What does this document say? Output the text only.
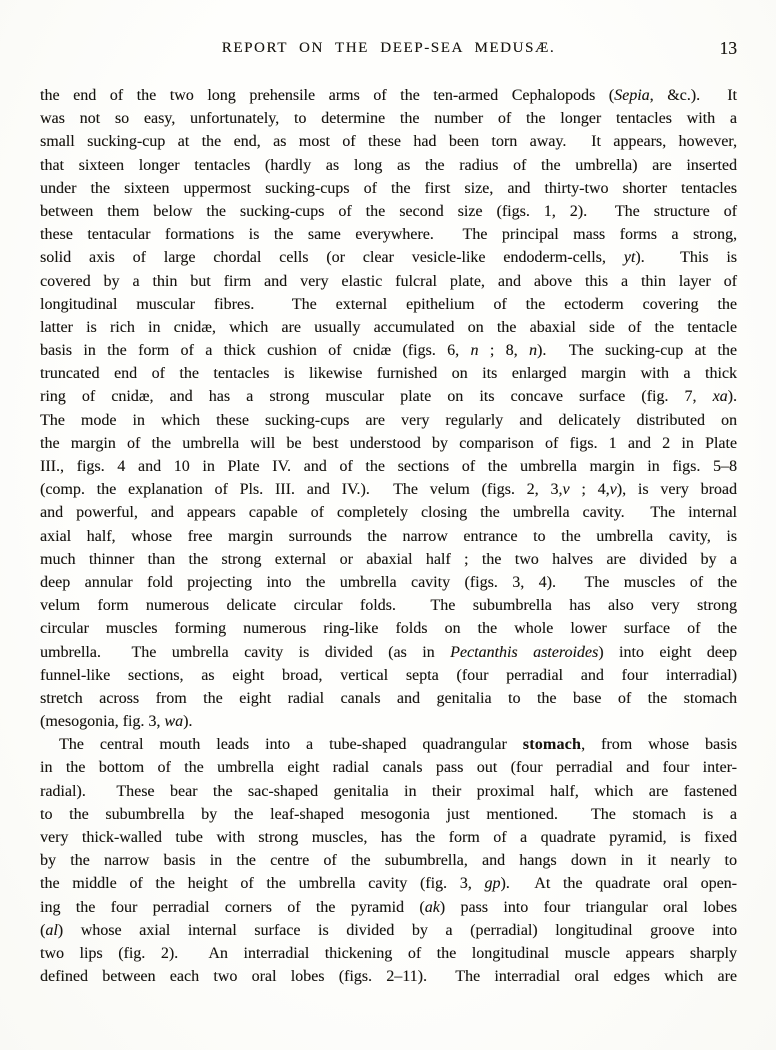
REPORT ON THE DEEP-SEA MEDUSÆ.	13
the end of the two long prehensile arms of the ten-armed Cephalopods (Sepia, &c.).  It
was not so easy, unfortunately, to determine the number of the longer tentacles with a
small sucking-cup at the end, as most of these had been torn away.  It appears, however,
that sixteen longer tentacles (hardly as long as the radius of the umbrella) are inserted
under the sixteen uppermost sucking-cups of the first size, and thirty-two shorter tentacles
between them below the sucking-cups of the second size (figs. 1, 2).  The structure of
these tentacular formations is the same everywhere.  The principal mass forms a strong,
solid axis of large chordal cells (or clear vesicle-like endoderm-cells, yt).  This is
covered by a thin but firm and very elastic fulcral plate, and above this a thin layer of
longitudinal muscular fibres.  The external epithelium of the ectoderm covering the
latter is rich in cnidæ, which are usually accumulated on the abaxial side of the tentacle
basis in the form of a thick cushion of cnidæ (figs. 6, n ; 8, n).  The sucking-cup at the
truncated end of the tentacles is likewise furnished on its enlarged margin with a thick
ring of cnidæ, and has a strong muscular plate on its concave surface (fig. 7, xa).
The mode in which these sucking-cups are very regularly and delicately distributed on
the margin of the umbrella will be best understood by comparison of figs. 1 and 2 in Plate
III., figs. 4 and 10 in Plate IV. and of the sections of the umbrella margin in figs. 5–8
(comp. the explanation of Pls. III. and IV.).  The velum (figs. 2, 3,v ; 4,v), is very broad
and powerful, and appears capable of completely closing the umbrella cavity.  The internal
axial half, whose free margin surrounds the narrow entrance to the umbrella cavity, is
much thinner than the strong external or abaxial half ; the two halves are divided by a
deep annular fold projecting into the umbrella cavity (figs. 3, 4).  The muscles of the
velum form numerous delicate circular folds.  The subumbrella has also very strong
circular muscles forming numerous ring-like folds on the whole lower surface of the
umbrella.  The umbrella cavity is divided (as in Pectanthis asteroides) into eight deep
funnel-like sections, as eight broad, vertical septa (four perradial and four interradial)
stretch across from the eight radial canals and genitalia to the base of the stomach
(mesogonia, fig. 3, wa).
The central mouth leads into a tube-shaped quadrangular stomach, from whose basis
in the bottom of the umbrella eight radial canals pass out (four perradial and four inter-
radial).  These bear the sac-shaped genitalia in their proximal half, which are fastened
to the subumbrella by the leaf-shaped mesogonia just mentioned.  The stomach is a
very thick-walled tube with strong muscles, has the form of a quadrate pyramid, is fixed
by the narrow basis in the centre of the subumbrella, and hangs down in it nearly to
the middle of the height of the umbrella cavity (fig. 3, gp).  At the quadrate oral open-
ing the four perradial corners of the pyramid (ak) pass into four triangular oral lobes
(al) whose axial internal surface is divided by a (perradial) longitudinal groove into
two lips (fig. 2).  An interradial thickening of the longitudinal muscle appears sharply
defined between each two oral lobes (figs. 2–11).  The interradial oral edges which are
